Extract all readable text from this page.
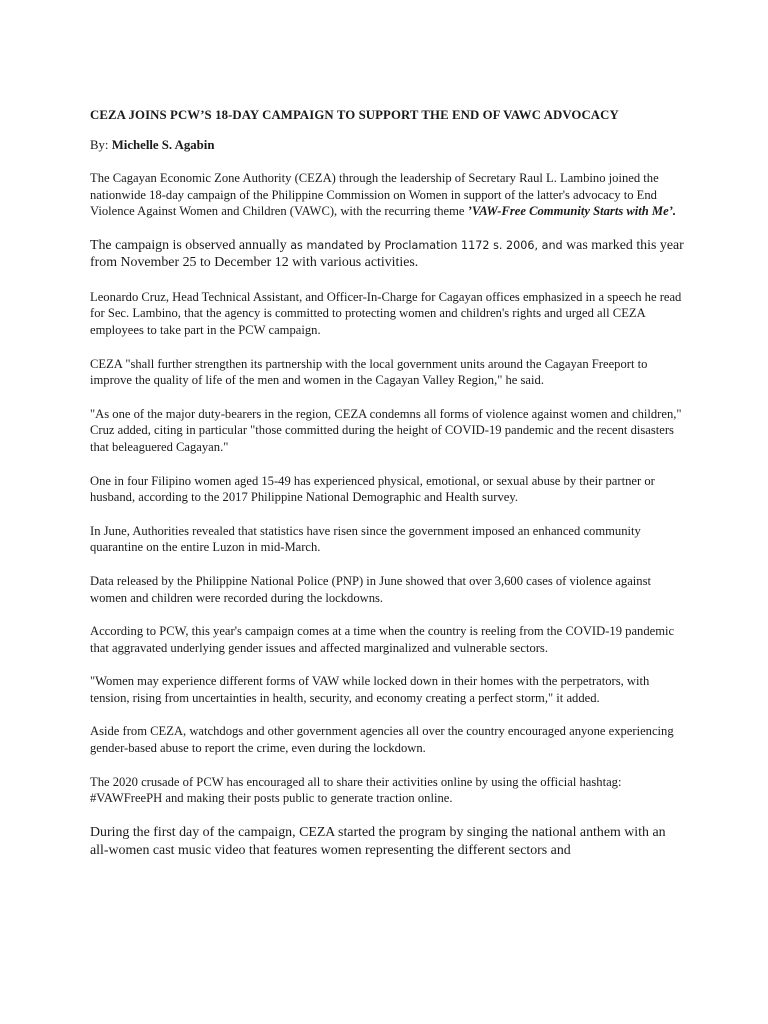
CEZA JOINS PCW’S 18-DAY CAMPAIGN TO SUPPORT THE END OF VAWC ADVOCACY
By: Michelle S. Agabin

The Cagayan Economic Zone Authority (CEZA) through the leadership of Secretary Raul L. Lambino joined the nationwide 18-day campaign of the Philippine Commission on Women in support of the latter's advocacy to End Violence Against Women and Children (VAWC), with the recurring theme ’VAW-Free Community Starts with Me’.

The campaign is observed annually as mandated by Proclamation 1172 s. 2006, and was marked this year from November 25 to December 12 with various activities.

Leonardo Cruz, Head Technical Assistant, and Officer-In-Charge for Cagayan offices emphasized in a speech he read for Sec. Lambino, that the agency is committed to protecting women and children's rights and urged all CEZA employees to take part in the PCW campaign.

CEZA "shall further strengthen its partnership with the local government units around the Cagayan Freeport to improve the quality of life of the men and women in the Cagayan Valley Region," he said.

"As one of the major duty-bearers in the region, CEZA condemns all forms of violence against women and children," Cruz added, citing in particular "those committed during the height of COVID-19 pandemic and the recent disasters that beleaguered Cagayan."

One in four Filipino women aged 15-49 has experienced physical, emotional, or sexual abuse by their partner or husband, according to the 2017 Philippine National Demographic and Health survey.

In June, Authorities revealed that statistics have risen since the government imposed an enhanced community quarantine on the entire Luzon in mid-March.

Data released by the Philippine National Police (PNP) in June showed that over 3,600 cases of violence against women and children were recorded during the lockdowns.

According to PCW, this year's campaign comes at a time when the country is reeling from the COVID-19 pandemic that aggravated underlying gender issues and affected marginalized and vulnerable sectors.

"Women may experience different forms of VAW while locked down in their homes with the perpetrators, with tension, rising from uncertainties in health, security, and economy creating a perfect storm," it added.

Aside from CEZA, watchdogs and other government agencies all over the country encouraged anyone experiencing gender-based abuse to report the crime, even during the lockdown.

The 2020 crusade of PCW has encouraged all to share their activities online by using the official hashtag: #VAWFreePH and making their posts public to generate traction online.

During the first day of the campaign, CEZA started the program by singing the national anthem with an all-women cast music video that features women representing the different sectors and
